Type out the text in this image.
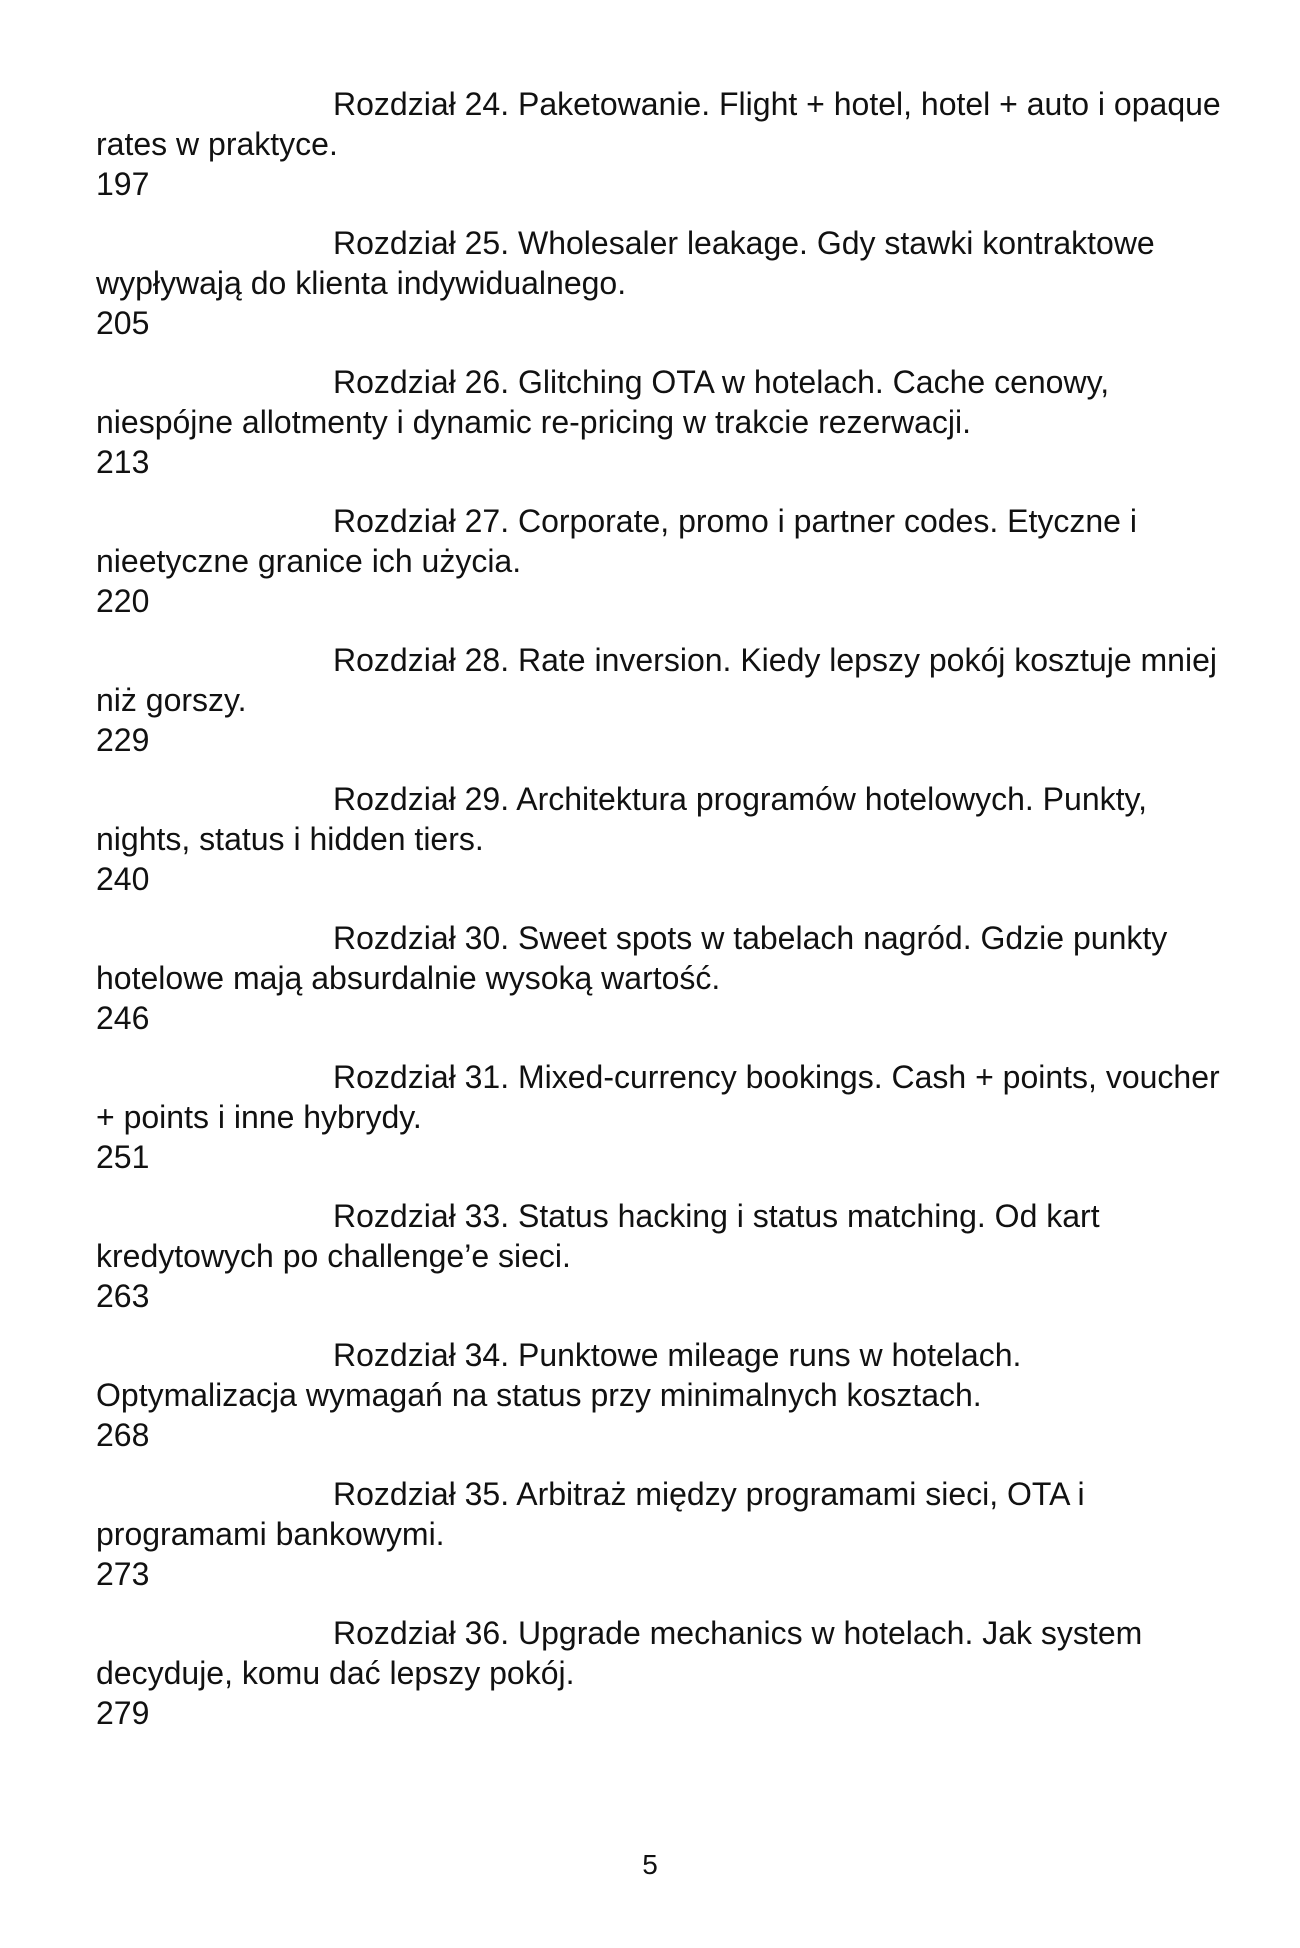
Rozdział 24. Paketowanie. Flight + hotel, hotel + auto i opaque rates w praktyce.
197
Rozdział 25. Wholesaler leakage. Gdy stawki kontraktowe wypływają do klienta indywidualnego.
205
Rozdział 26. Glitching OTA w hotelach. Cache cenowy, niespójne allotmenty i dynamic re-pricing w trakcie rezerwacji.
213
Rozdział 27. Corporate, promo i partner codes. Etyczne i nieetyczne granice ich użycia.
220
Rozdział 28. Rate inversion. Kiedy lepszy pokój kosztuje mniej niż gorszy.
229
Rozdział 29. Architektura programów hotelowych. Punkty, nights, status i hidden tiers.
240
Rozdział 30. Sweet spots w tabelach nagród. Gdzie punkty hotelowe mają absurdalnie wysoką wartość.
246
Rozdział 31. Mixed-currency bookings. Cash + points, voucher + points i inne hybrydy.
251
Rozdział 33. Status hacking i status matching. Od kart kredytowych po challenge’e sieci.
263
Rozdział 34. Punktowe mileage runs w hotelach. Optymalizacja wymagań na status przy minimalnych kosztach.
268
Rozdział 35. Arbitraż między programami sieci, OTA i programami bankowymi.
273
Rozdział 36. Upgrade mechanics w hotelach. Jak system decyduje, komu dać lepszy pokój.
279
5
